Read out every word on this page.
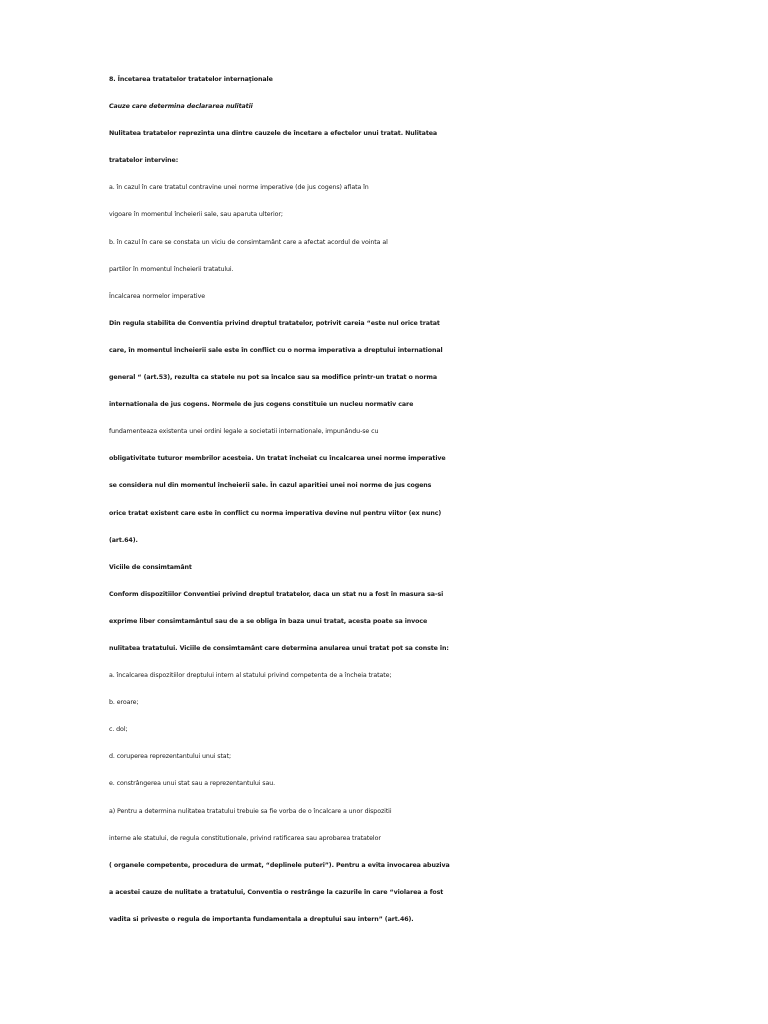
8. Încetarea tratatelor tratatelor internaţionale
Cauze care determina declararea nulitatii
Nulitatea tratatelor reprezinta una dintre cauzele de încetare a efectelor unui tratat. Nulitatea
tratatelor intervine:
a. în cazul în care tratatul contravine unei norme imperative (de jus cogens) aflata în
vigoare în momentul încheierii sale, sau aparuta ulterior;
b. în cazul în care se constata un viciu de consimtamânt care a afectat acordul de vointa al
partilor în momentul încheierii tratatului.
Încalcarea normelor imperative
Din regula stabilita de Conventia privind dreptul tratatelor, potrivit careia “este nul orice tratat
care, în momentul încheierii sale este în conflict cu o norma imperativa a dreptului international
general “ (art.53), rezulta ca statele nu pot sa încalce sau sa modifice printr-un tratat o norma
internationala de jus cogens. Normele de jus cogens constituie un nucleu normativ care
fundamenteaza existenta unei ordini legale a societatii internationale, impunându-se cu
obligativitate tuturor membrilor acesteia. Un tratat încheiat cu încalcarea unei norme imperative
se considera nul din momentul încheierii sale. În cazul aparitiei unei noi norme de jus cogens
orice tratat existent care este în conflict cu norma imperativa devine nul pentru viitor (ex nunc)
(art.64).
Viciile de consimtamânt
Conform dispozitiilor Conventiei privind dreptul tratatelor, daca un stat nu a fost în masura sa-si
exprime liber consimtamântul sau de a se obliga în baza unui tratat, acesta poate sa invoce
nulitatea tratatului. Viciile de consimtamânt care determina anularea unui tratat pot sa conste în:
a. încalcarea dispozitiilor dreptului intern al statului privind competenta de a încheia tratate;
b. eroare;
c. dol;
d. coruperea reprezentantului unui stat;
e. constrângerea unui stat sau a reprezentantului sau.
a) Pentru a determina nulitatea tratatului trebuie sa fie vorba de o încalcare a unor dispozitii
interne ale statului, de regula constitutionale, privind ratificarea sau aprobarea tratatelor
( organele competente, procedura de urmat, “deplinele puteri”). Pentru a evita invocarea abuziva
a acestei cauze de nulitate a tratatului, Conventia o restrânge la cazurile în care “violarea a fost
vadita si priveste o regula de importanta fundamentala a dreptului sau intern” (art.46).
